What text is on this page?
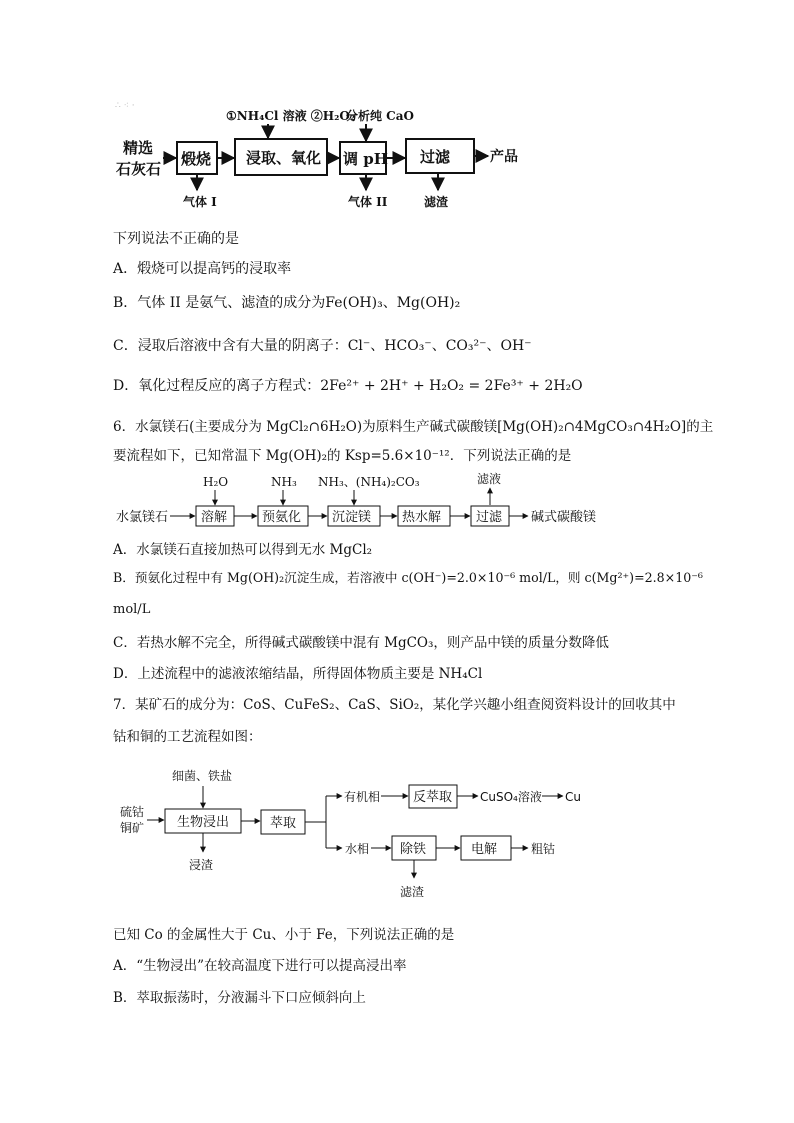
∴ ⁖ ·
精选
石灰石
煅烧
气体 I
浸取、氧化
①NH₄Cl 溶液 ②H₂O₂
调 pH
分析纯 CaO
气体 II
过滤
滤渣
产品
下列说法不正确的是
A．煅烧可以提高钙的浸取率
B．气体 II 是氨气、滤渣的成分为Fe(OH)₃、Mg(OH)₂
C．浸取后溶液中含有大量的阴离子：Cl⁻、HCO₃⁻、CO₃²⁻、OH⁻
D．氧化过程反应的离子方程式：2Fe²⁺ + 2H⁺ + H₂O₂ = 2Fe³⁺ + 2H₂O
6．水氯镁石(主要成分为 MgCl₂∩6H₂O)为原料生产碱式碳酸镁[Mg(OH)₂∩4MgCO₃∩4H₂O]的主
要流程如下，已知常温下 Mg(OH)₂的 Ksp=5.6×10⁻¹²．下列说法正确的是
水氯镁石	溶解
H₂O
预氨化
NH₃
沉淀镁
NH₃、(NH₄)₂CO₃
热水解	过滤
滤液
碱式碳酸镁
A．水氯镁石直接加热可以得到无水 MgCl₂
B．预氨化过程中有 Mg(OH)₂沉淀生成，若溶液中 c(OH⁻)=2.0×10⁻⁶ mol/L，则 c(Mg²⁺)=2.8×10⁻⁶
mol/L
C．若热水解不完全，所得碱式碳酸镁中混有 MgCO₃，则产品中镁的质量分数降低
D．上述流程中的滤液浓缩结晶，所得固体物质主要是 NH₄Cl
7．某矿石的成分为：CoS、CuFeS₂、CaS、SiO₂，某化学兴趣小组查阅资料设计的回收其中
钴和铜的工艺流程如图：
细菌、铁盐
硫钴
铜矿	生物浸出
浸渣
萃取
有机相	反萃取 CuSO₄溶液 Cu
水相 除铁
滤渣
电解	粗钴
已知 Co 的金属性大于 Cu、小于 Fe，下列说法正确的是
A．“生物浸出”在较高温度下进行可以提高浸出率
B．萃取振荡时，分液漏斗下口应倾斜向上
